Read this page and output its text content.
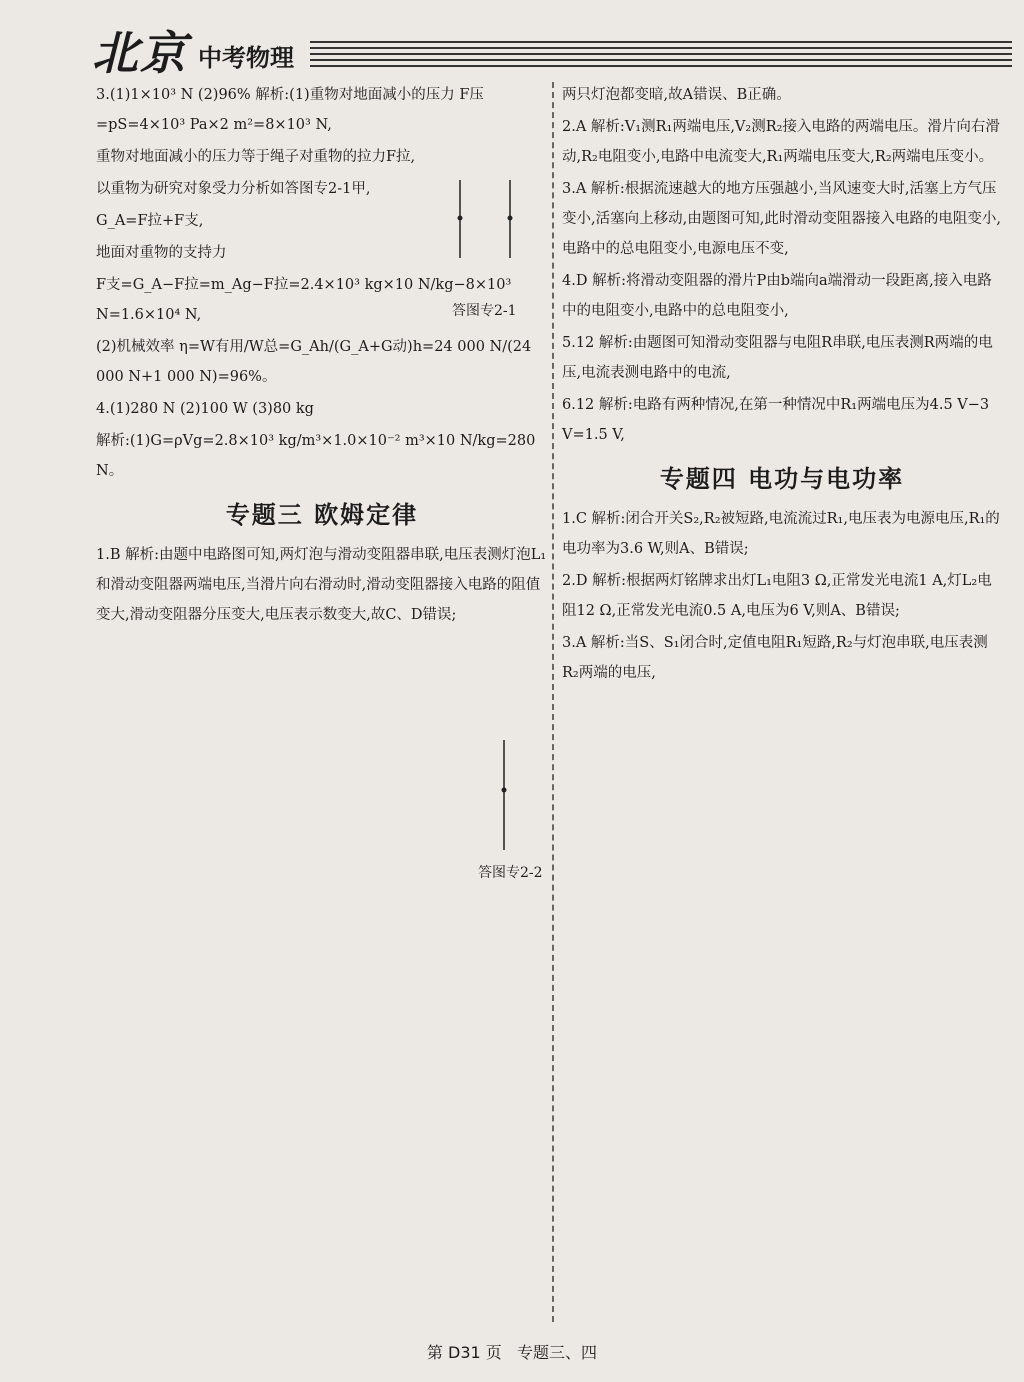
北京 中考物理
3.(1)1×10³ N (2)96% 解析:(1)重物对地面减小的压力 F压=pS=4×10³ Pa×2 m²=8×10³ N,
重物对地面减小的压力等于绳子对重物的拉力F拉,
以重物为研究对象受力分析如答图专2-1甲,
G_A=F拉+F支,
地面对重物的支持力
F支=G_A−F拉=m_Ag−F拉=2.4×10³ kg×10 N/kg−8×10³ N=1.6×10⁴ N,
(2)机械效率 η=W有用/W总=G_Ah/(G_A+G动)h=24 000 N/(24 000 N+1 000 N)=96%。
4.(1)280 N (2)100 W (3)80 kg
解析:(1)G=ρVg=2.8×10³ kg/m³×1.0×10⁻² m³×10 N/kg=280 N。
专题三 欧姆定律
1.B 解析:由题中电路图可知,两灯泡与滑动变阻器串联,电压表测灯泡L₁和滑动变阻器两端电压,当滑片向右滑动时,滑动变阻器接入电路的阻值变大,滑动变阻器分压变大,电压表示数变大,故C、D错误;
两只灯泡都变暗,故A错误、B正确。
2.A 解析:V₁测R₁两端电压,V₂测R₂接入电路的两端电压。滑片向右滑动,R₂电阻变小,电路中电流变大,R₁两端电压变大,R₂两端电压变小。
3.A 解析:根据流速越大的地方压强越小,当风速变大时,活塞上方气压变小,活塞向上移动,由题图可知,此时滑动变阻器接入电路的电阻变小,电路中的总电阻变小,电源电压不变,
4.D 解析:将滑动变阻器的滑片P由b端向a端滑动一段距离,接入电路中的电阻变小,电路中的总电阻变小,
5.12 解析:由题图可知滑动变阻器与电阻R串联,电压表测R两端的电压,电流表测电路中的电流,
6.12 解析:电路有两种情况,在第一种情况中R₁两端电压为4.5 V−3 V=1.5 V,
专题四 电功与电功率
1.C 解析:闭合开关S₂,R₂被短路,电流流过R₁,电压表为电源电压,R₁的电功率为3.6 W,则A、B错误;
2.D 解析:根据两灯铭牌求出灯L₁电阻3 Ω,正常发光电流1 A,灯L₂电阻12 Ω,正常发光电流0.5 A,电压为6 V,则A、B错误;
3.A 解析:当S、S₁闭合时,定值电阻R₁短路,R₂与灯泡串联,电压表测R₂两端的电压,
答图专2-1
答图专2-2
第 D31 页 专题三、四
